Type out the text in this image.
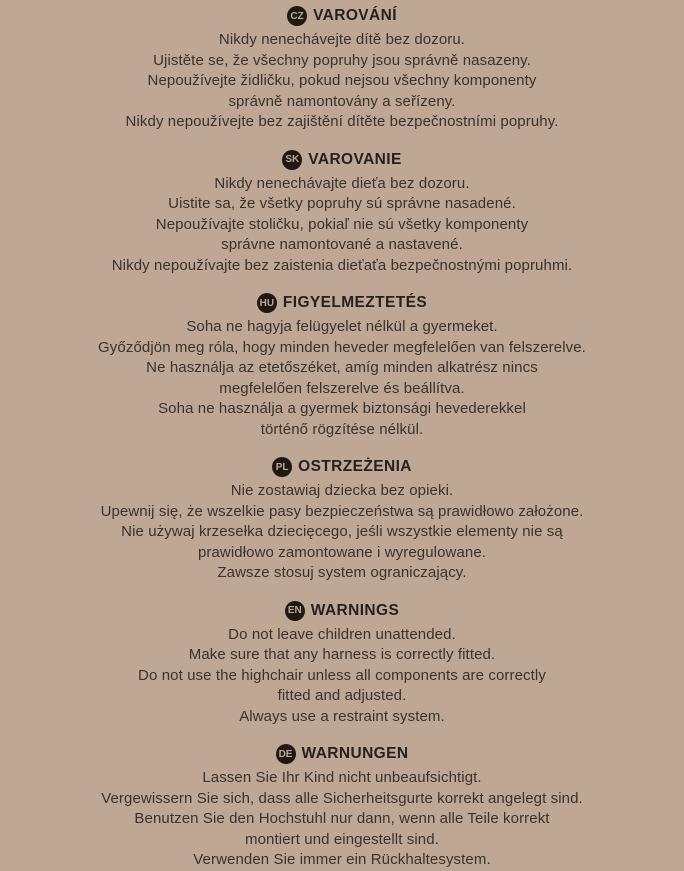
CZ VAROVÁNÍ
Nikdy nenechávejte dítě bez dozoru.
Ujistěte se, že všechny popruhy jsou správně nasazeny.
Nepoužívejte židličku, pokud nejsou všechny komponenty
správně namontovány a seřízeny.
Nikdy nepoužívejte bez zajištění dítěte bezpečnostními popruhy.
SK VAROVANIE
Nikdy nenechávajte dieťa bez dozoru.
Uistite sa, že všetky popruhy sú správne nasadené.
Nepoužívajte stoličku, pokiaľ nie sú všetky komponenty
správne namontované a nastavené.
Nikdy nepoužívajte bez zaistenia dieťaťa bezpečnostnými popruhmi.
HU FIGYELMEZTETÉS
Soha ne hagyja felügyelet nélkül a gyermeket.
Győződjön meg róla, hogy minden heveder megfelelően van felszerelve.
Ne használja az etetőszéket, amíg minden alkatrész nincs
megfelelően felszerelve és beállítva.
Soha ne használja a gyermek biztonsági hevederekkel
történő rögzítése nélkül.
PL OSTRZEŻENIA
Nie zostawiaj dziecka bez opieki.
Upewnij się, że wszelkie pasy bezpieczeństwa są prawidłowo założone.
Nie używaj krzesełka dziecięcego, jeśli wszystkie elementy nie są
prawidłowo zamontowane i wyregulowane.
Zawsze stosuj system ograniczający.
EN WARNINGS
Do not leave children unattended.
Make sure that any harness is correctly fitted.
Do not use the highchair unless all components are correctly
fitted and adjusted.
Always use a restraint system.
DE WARNUNGEN
Lassen Sie Ihr Kind nicht unbeaufsichtigt.
Vergewissern Sie sich, dass alle Sicherheitsgurte korrekt angelegt sind.
Benutzen Sie den Hochstuhl nur dann, wenn alle Teile korrekt
montiert und eingestellt sind.
Verwenden Sie immer ein Rückhaltesystem.
